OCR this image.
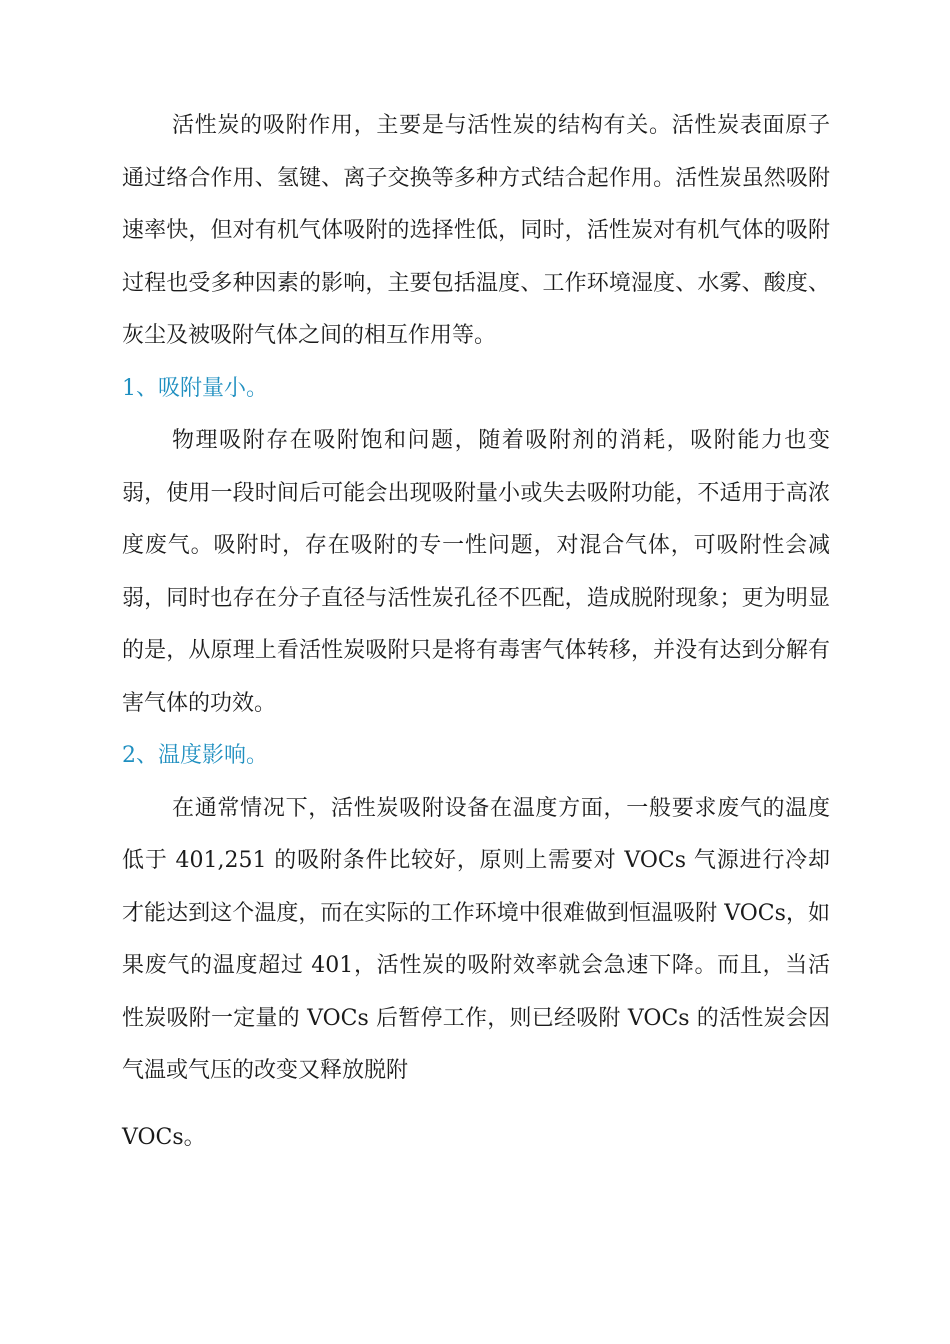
活性炭的吸附作用，主要是与活性炭的结构有关。活性炭表面原子通过络合作用、氢键、离子交换等多种方式结合起作用。活性炭虽然吸附速率快，但对有机气体吸附的选择性低，同时，活性炭对有机气体的吸附过程也受多种因素的影响，主要包括温度、工作环境湿度、水雾、酸度、灰尘及被吸附气体之间的相互作用等。

1、吸附量小。

物理吸附存在吸附饱和问题，随着吸附剂的消耗，吸附能力也变弱，使用一段时间后可能会出现吸附量小或失去吸附功能，不适用于高浓度废气。吸附时，存在吸附的专一性问题，对混合气体，可吸附性会减弱，同时也存在分子直径与活性炭孔径不匹配，造成脱附现象；更为明显的是，从原理上看活性炭吸附只是将有毒害气体转移，并没有达到分解有害气体的功效。

2、温度影响。

在通常情况下，活性炭吸附设备在温度方面，一般要求废气的温度低于 401,251 的吸附条件比较好，原则上需要对 VOCs 气源进行冷却才能达到这个温度，而在实际的工作环境中很难做到恒温吸附 VOCs，如果废气的温度超过 401，活性炭的吸附效率就会急速下降。而且，当活性炭吸附一定量的 VOCs 后暂停工作，则已经吸附 VOCs 的活性炭会因气温或气压的改变又释放脱附

VOCs。
